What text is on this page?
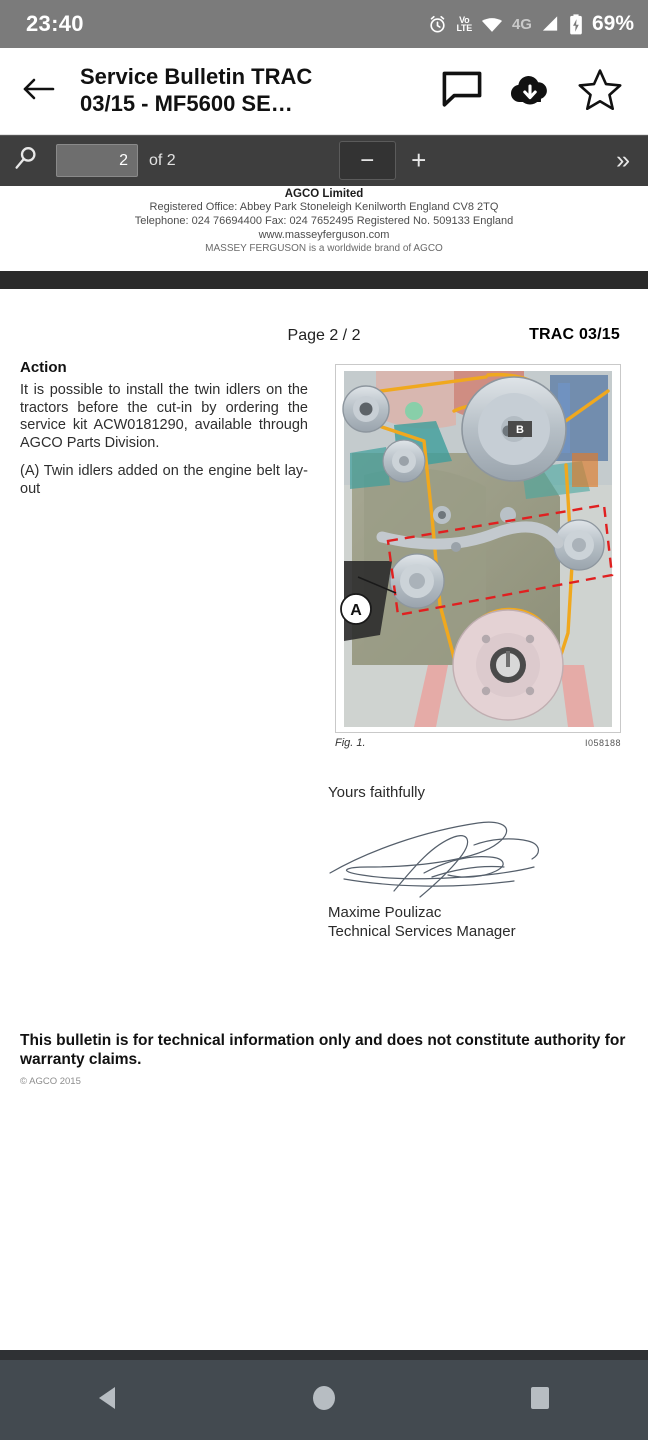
23:40	Vo
LTE	4G	69%
Service Bulletin TRAC 03/15 - MF5600 SE…
2	of 2	−	+	»
AGCO Limited
Registered Office: Abbey Park Stoneleigh Kenilworth England CV8 2TQ
Telephone: 024 76694400 Fax: 024 7652495 Registered No. 509133 England
www.masseyferguson.com
MASSEY FERGUSON is a worldwide brand of AGCO
Page 2 / 2	TRAC 03/15
Action

It is possible to install the twin idlers on the tractors before the cut-in by ordering the service kit ACW0181290, available through AGCO Parts Division.

(A) Twin idlers added on the engine belt lay-out

B
A
Fig. 1.	I058188
Yours faithfully
Maxime Poulizac
Technical Services Manager
This bulletin is for technical information only and does not constitute authority for warranty claims.
© AGCO 2015
